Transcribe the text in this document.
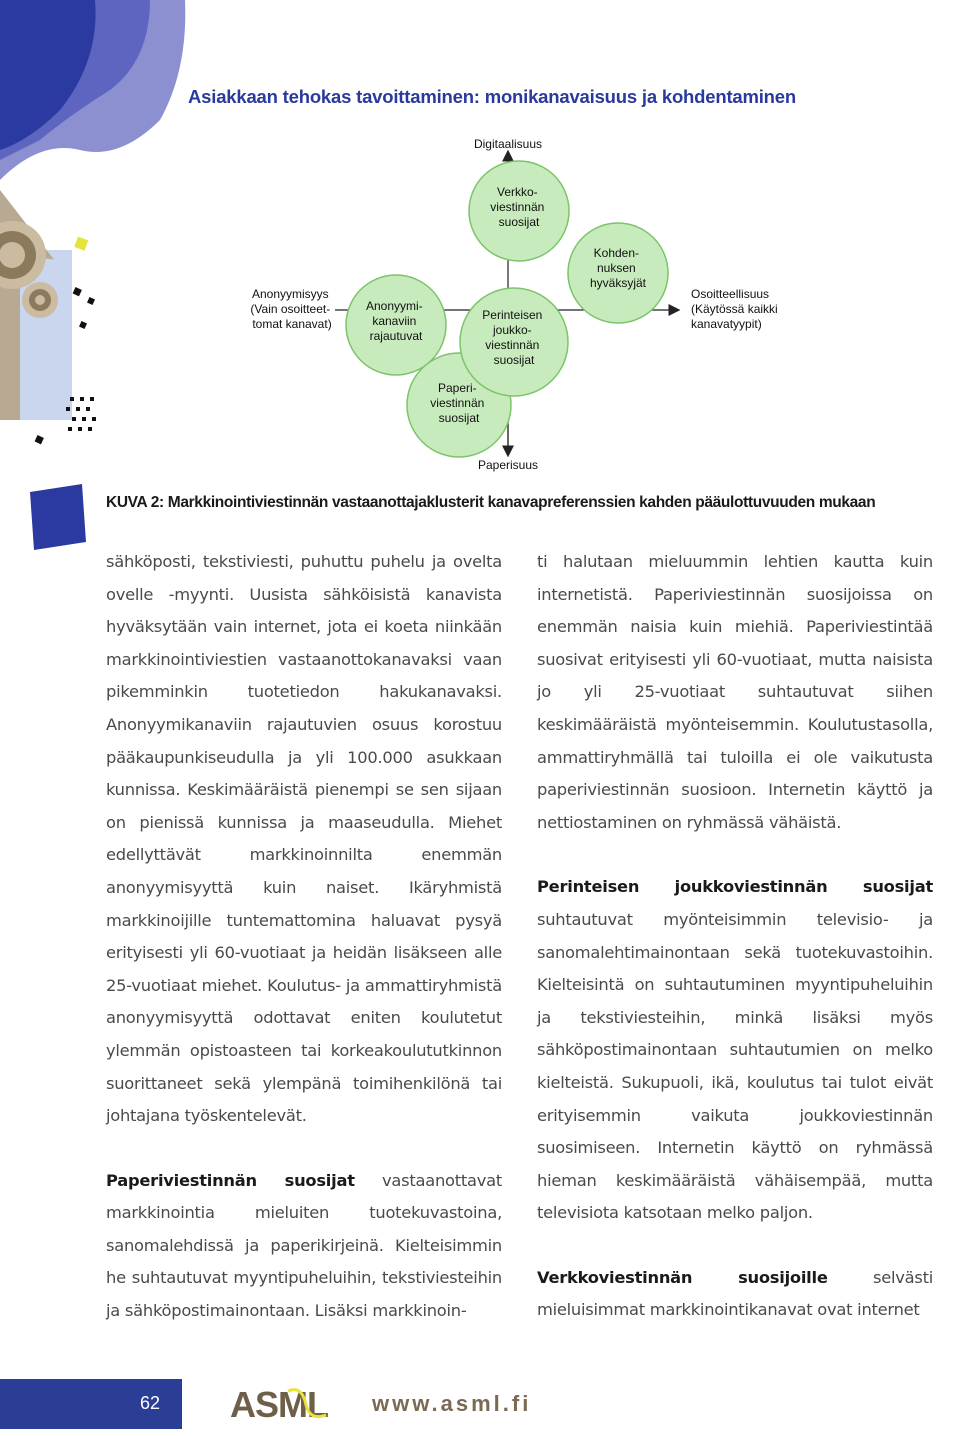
Asiakkaan tehokas tavoittaminen: monikanavaisuus ja kohdentaminen
Digitaalisuus
Paperisuus
Anonyymisyys (Vain osoitteet- tomat kanavat)
Osoitteellisuus (Käytössä kaikki kanavatyypit)
Verkko- viestinnän suosijat
Kohden- nuksen hyväksyjät
Anonyymi- kanaviin rajautuvat
Perinteisen joukko- viestinnän suosijat
Paperi- viestinnän suosijat
KUVA 2: Markkinointiviestinnän vastaanottajaklusterit kanavapreferenssien kahden pääulottuvuuden mukaan

sähköposti, tekstiviesti, puhuttu puhelu ja ovelta ovelle -myynti. Uusista sähköisistä kanavista hyväksytään vain internet, jota ei koeta niinkään markkinointiviestien vastaanottokanavaksi vaan pikemminkin tuotetiedon hakukanavaksi. Anonyymikanaviin rajautuvien osuus korostuu pääkaupunkiseudulla ja yli 100.000 asukkaan kunnissa. Keskimääräistä pienempi se sen sijaan on pienissä kunnissa ja maaseudulla. Miehet edellyttävät markkinoinnilta enemmän anonyymisyyttä kuin naiset. Ikäryhmistä markkinoijille tuntemattomina haluavat pysyä erityisesti yli 60-vuotiaat ja heidän lisäkseen alle 25-vuotiaat miehet. Koulutus- ja ammattiryhmistä anonyymisyyttä odottavat eniten koulutetut ylemmän opistoasteen tai korkeakoulututkinnon suorittaneet sekä ylempänä toimihenkilönä tai johtajana työskentelevät.

Paperiviestinnän suosijat vastaanottavat markkinointia mieluiten tuotekuvastoina, sanomalehdissä ja paperikirjeinä. Kielteisimmin he suhtautuvat myyntipuheluihin, tekstiviesteihin ja sähköpostimainontaan. Lisäksi markkinoin-

ti halutaan mieluummin lehtien kautta kuin internetistä. Paperiviestinnän suosijoissa on enemmän naisia kuin miehiä. Paperiviestintää suosivat erityisesti yli 60-vuotiaat, mutta naisista jo yli 25-vuotiaat suhtautuvat siihen keskimääräistä myönteisemmin. Koulutustasolla, ammattiryhmällä tai tuloilla ei ole vaikutusta paperiviestinnän suosioon. Internetin käyttö ja nettiostaminen on ryhmässä vähäistä.

Perinteisen joukkoviestinnän suosijat suhtautuvat myönteisimmin televisio- ja sanomalehtimainontaan sekä tuotekuvastoihin. Kielteisintä on suhtautuminen myyntipuheluihin ja tekstiviesteihin, minkä lisäksi myös sähköpostimainontaan suhtautumien on melko kielteistä. Sukupuoli, ikä, koulutus tai tulot eivät erityisemmin vaikuta joukkoviestinnän suosimiseen. Internetin käyttö on ryhmässä hieman keskimääräistä vähäisempää, mutta televisiota katsotaan melko paljon.

Verkkoviestinnän suosijoille selvästi mieluisimmat markkinointikanavat ovat internet

62 ASML www.asml.fi
